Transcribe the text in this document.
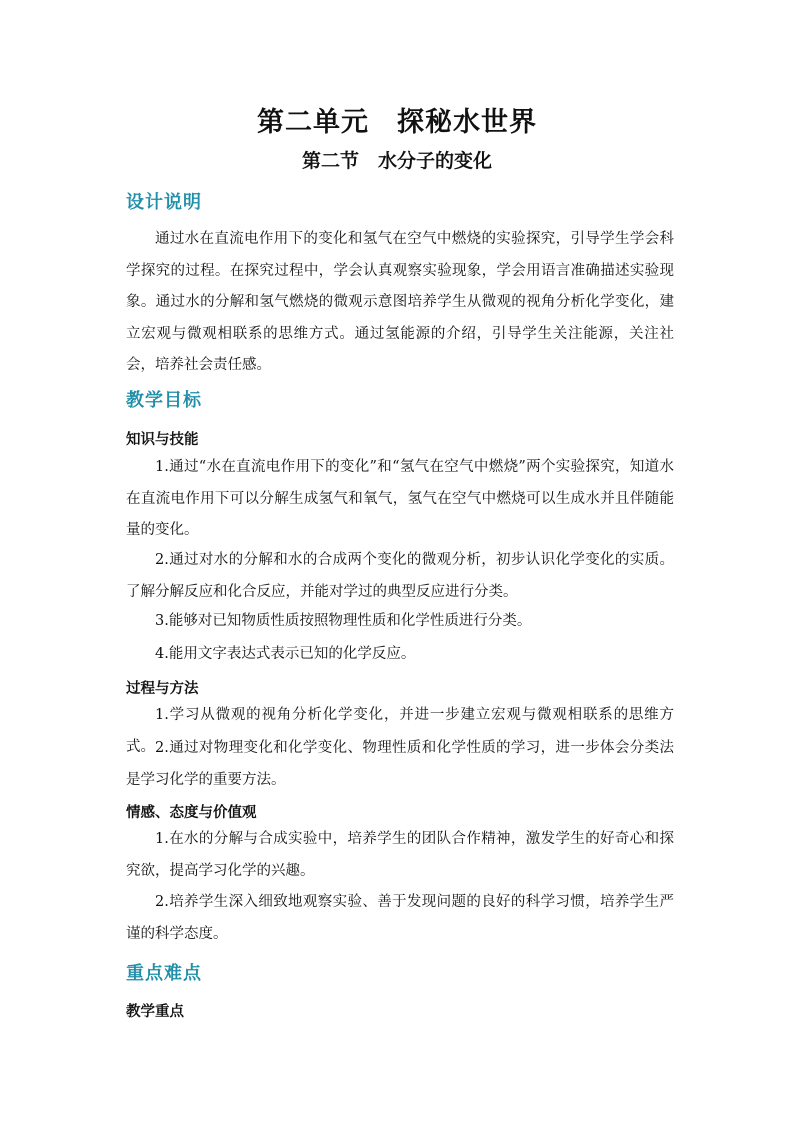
第二单元　探秘水世界
第二节　水分子的变化
设计说明
通过水在直流电作用下的变化和氢气在空气中燃烧的实验探究，引导学生学会科学探究的过程。在探究过程中，学会认真观察实验现象，学会用语言准确描述实验现象。通过水的分解和氢气燃烧的微观示意图培养学生从微观的视角分析化学变化，建立宏观与微观相联系的思维方式。通过氢能源的介绍，引导学生关注能源，关注社会，培养社会责任感。
教学目标
知识与技能
1.通过“水在直流电作用下的变化”和“氢气在空气中燃烧”两个实验探究，知道水在直流电作用下可以分解生成氢气和氧气，氢气在空气中燃烧可以生成水并且伴随能量的变化。
2.通过对水的分解和水的合成两个变化的微观分析，初步认识化学变化的实质。了解分解反应和化合反应，并能对学过的典型反应进行分类。
3.能够对已知物质性质按照物理性质和化学性质进行分类。
4.能用文字表达式表示已知的化学反应。
过程与方法
1.学习从微观的视角分析化学变化，并进一步建立宏观与微观相联系的思维方式。 2.通过对物理变化和化学变化、物理性质和化学性质的学习，进一步体会分类法是学习化学的重要方法。
情感、态度与价值观
1.在水的分解与合成实验中，培养学生的团队合作精神，激发学生的好奇心和探究欲，提高学习化学的兴趣。
2.培养学生深入细致地观察实验、善于发现问题的良好的科学习惯，培养学生严谨的科学态度。
重点难点
教学重点
